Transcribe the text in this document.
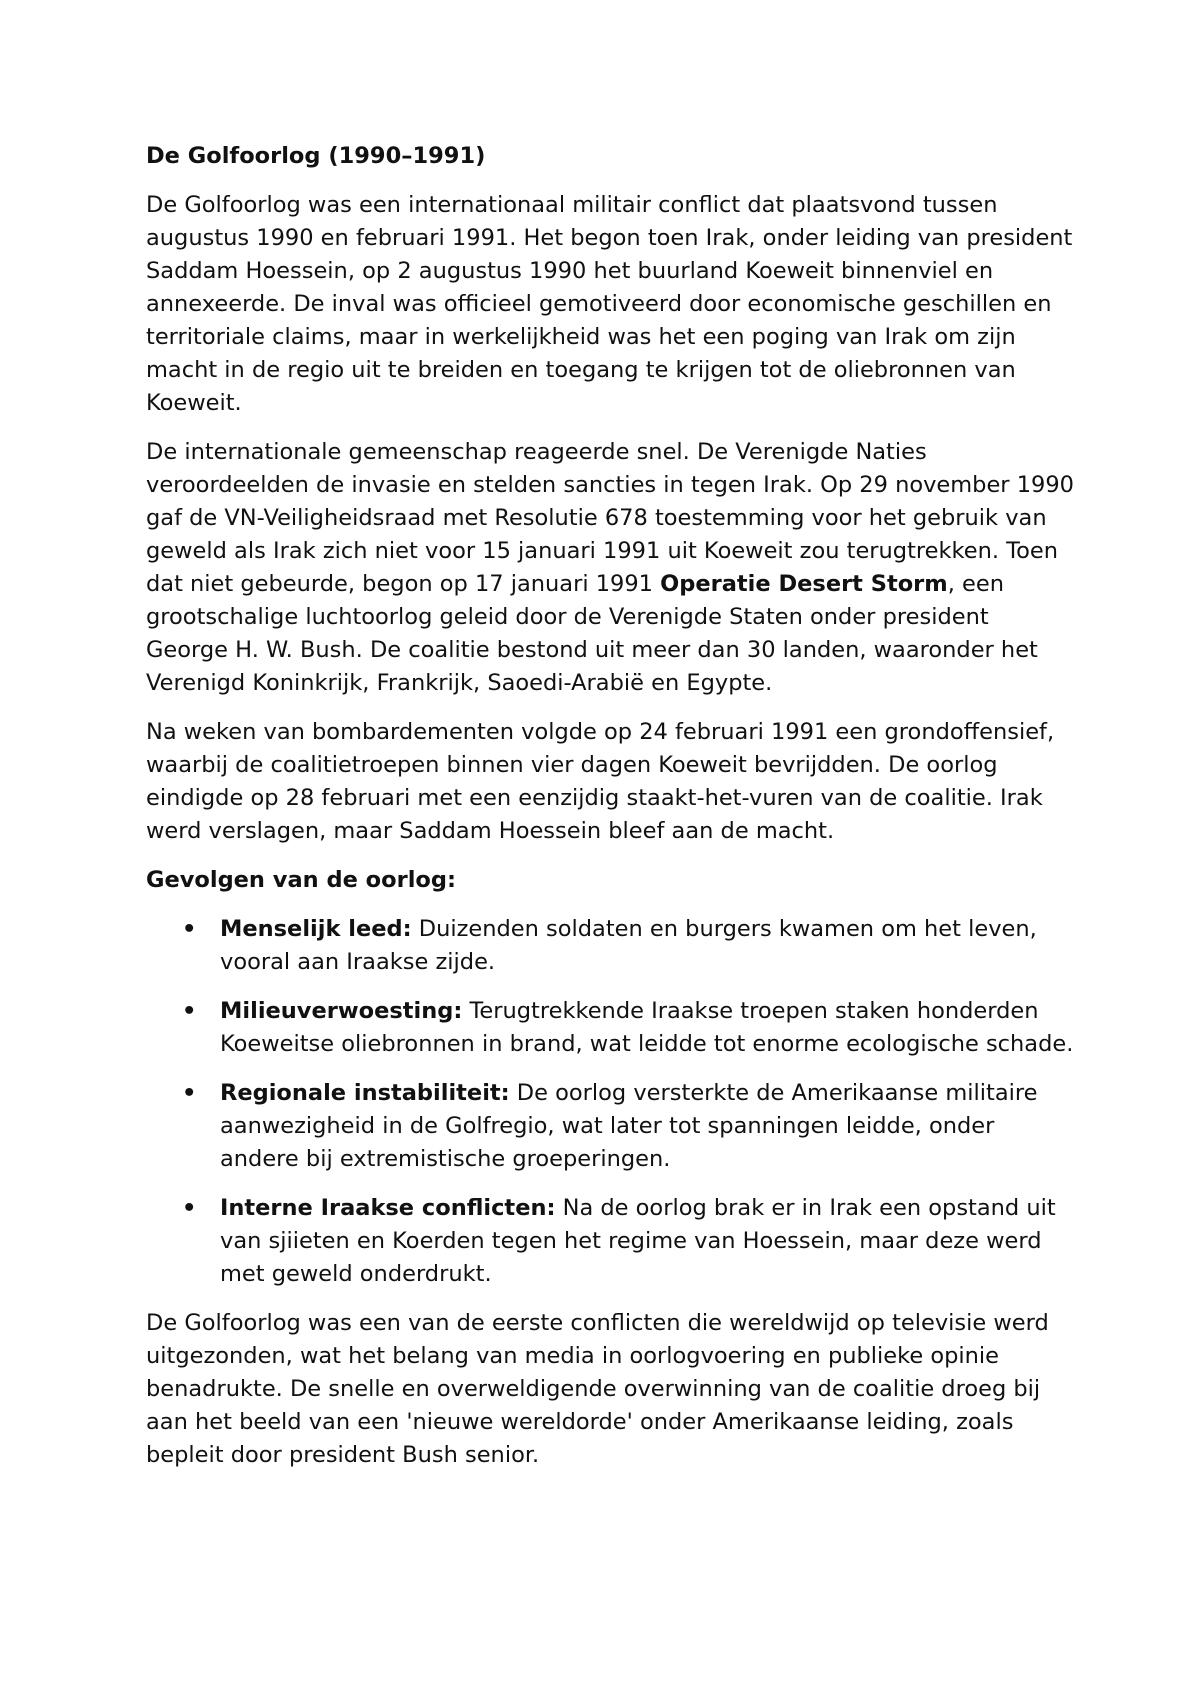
De Golfoorlog (1990–1991)

De Golfoorlog was een internationaal militair conflict dat plaatsvond tussen augustus 1990 en februari 1991. Het begon toen Irak, onder leiding van president Saddam Hoessein, op 2 augustus 1990 het buurland Koeweit binnenviel en annexeerde. De inval was officieel gemotiveerd door economische geschillen en territoriale claims, maar in werkelijkheid was het een poging van Irak om zijn macht in de regio uit te breiden en toegang te krijgen tot de oliebronnen van Koeweit.

De internationale gemeenschap reageerde snel. De Verenigde Naties veroordeelden de invasie en stelden sancties in tegen Irak. Op 29 november 1990 gaf de VN-Veiligheidsraad met Resolutie 678 toestemming voor het gebruik van geweld als Irak zich niet voor 15 januari 1991 uit Koeweit zou terugtrekken. Toen dat niet gebeurde, begon op 17 januari 1991 Operatie Desert Storm, een grootschalige luchtoorlog geleid door de Verenigde Staten onder president George H. W. Bush. De coalitie bestond uit meer dan 30 landen, waaronder het Verenigd Koninkrijk, Frankrijk, Saoedi-Arabië en Egypte.

Na weken van bombardementen volgde op 24 februari 1991 een grondoffensief, waarbij de coalitietroepen binnen vier dagen Koeweit bevrijdden. De oorlog eindigde op 28 februari met een eenzijdig staakt-het-vuren van de coalitie. Irak werd verslagen, maar Saddam Hoessein bleef aan de macht.

Gevolgen van de oorlog:

• Menselijk leed: Duizenden soldaten en burgers kwamen om het leven, vooral aan Iraakse zijde.
• Milieuverwoesting: Terugtrekkende Iraakse troepen staken honderden Koeweitse oliebronnen in brand, wat leidde tot enorme ecologische schade.
• Regionale instabiliteit: De oorlog versterkte de Amerikaanse militaire aanwezigheid in de Golfregio, wat later tot spanningen leidde, onder andere bij extremistische groeperingen.
• Interne Iraakse conflicten: Na de oorlog brak er in Irak een opstand uit van sjiieten en Koerden tegen het regime van Hoessein, maar deze werd met geweld onderdrukt.

De Golfoorlog was een van de eerste conflicten die wereldwijd op televisie werd uitgezonden, wat het belang van media in oorlogvoering en publieke opinie benadrukte. De snelle en overweldigende overwinning van de coalitie droeg bij aan het beeld van een 'nieuwe wereldorde' onder Amerikaanse leiding, zoals bepleit door president Bush senior.
